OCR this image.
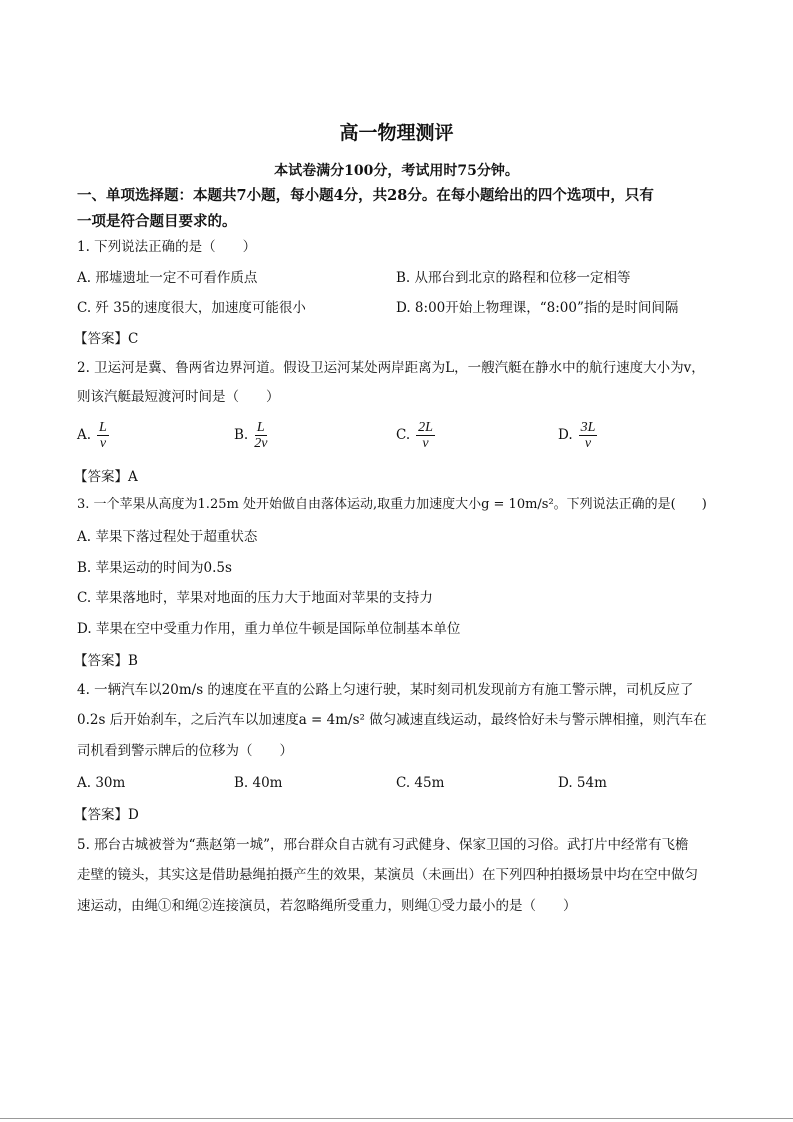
高一物理测评
本试卷满分100分，考试用时75分钟。
一、单项选择题：本题共7小题，每小题4分，共28分。在每小题给出的四个选项中，只有
一项是符合题目要求的。
1. 下列说法正确的是（　　）
A. 邢墟遗址一定不可看作质点	B. 从邢台到北京的路程和位移一定相等
C. 歼 35的速度很大，加速度可能很小	D. 8:00开始上物理课，“8:00”指的是时间间隔
【答案】C
2. 卫运河是冀、鲁两省边界河道。假设卫运河某处两岸距离为L，一艘汽艇在静水中的航行速度大小为v，
则该汽艇最短渡河时间是（　　）
A. $\frac{L}{v}$	B. $\frac{L}{2v}$	C. $\frac{2L}{v}$	D. $\frac{3L}{v}$
【答案】A
3. 一个苹果从高度为1.25m 处开始做自由落体运动,取重力加速度大小g = 10m/s²。下列说法正确的是(　　)
A. 苹果下落过程处于超重状态
B. 苹果运动的时间为0.5s
C. 苹果落地时，苹果对地面的压力大于地面对苹果的支持力
D. 苹果在空中受重力作用，重力单位牛顿是国际单位制基本单位
【答案】B
4. 一辆汽车以20m/s 的速度在平直的公路上匀速行驶，某时刻司机发现前方有施工警示牌，司机反应了
0.2s 后开始刹车，之后汽车以加速度a = 4m/s² 做匀减速直线运动，最终恰好未与警示牌相撞，则汽车在
司机看到警示牌后的位移为（　　）
A. 30m	B. 40m	C. 45m	D. 54m
【答案】D
5. 邢台古城被誉为“燕赵第一城”，邢台群众自古就有习武健身、保家卫国的习俗。武打片中经常有飞檐
走壁的镜头，其实这是借助悬绳拍摄产生的效果，某演员（未画出）在下列四种拍摄场景中均在空中做匀
速运动，由绳①和绳②连接演员，若忽略绳所受重力，则绳①受力最小的是（　　）
